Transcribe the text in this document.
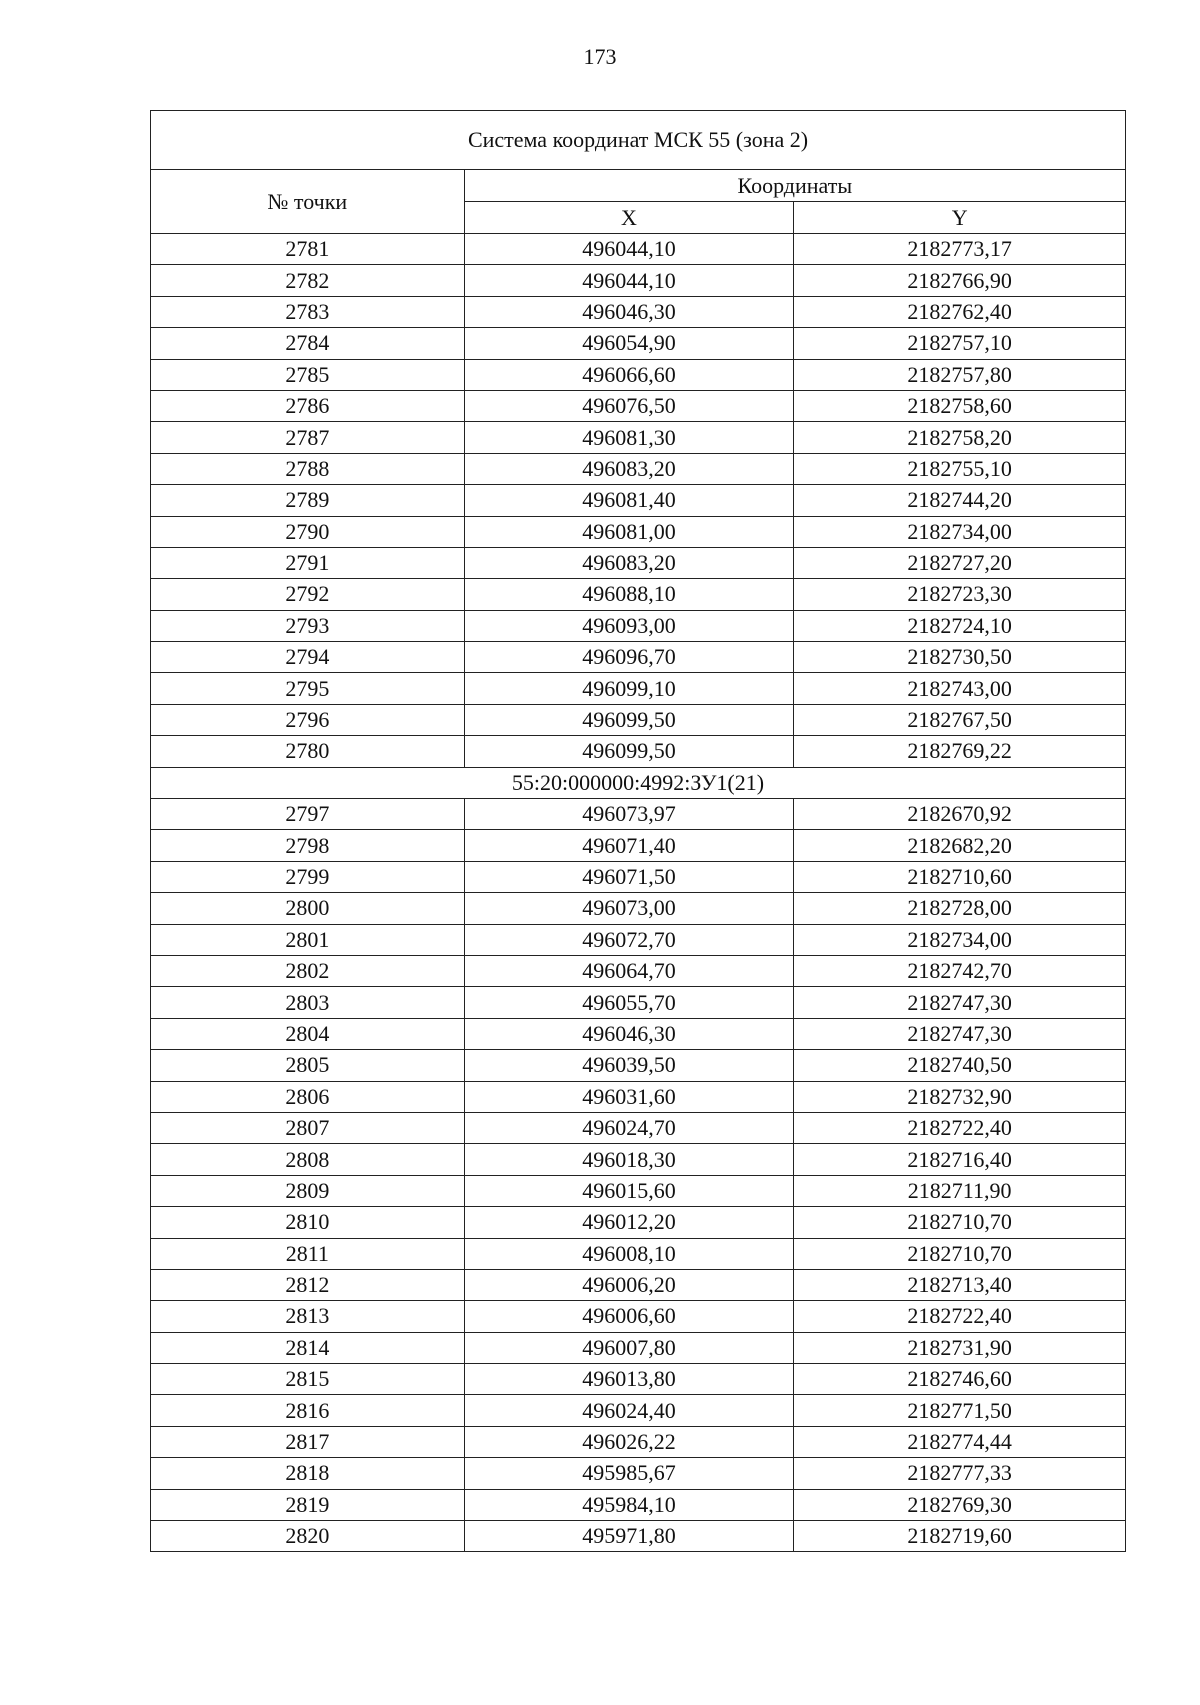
173
Система координат МСК 55 (зона 2)		
№ точки	Координаты	
	X	Y
2781	496044,10	2182773,17
2782	496044,10	2182766,90
2783	496046,30	2182762,40
2784	496054,90	2182757,10
2785	496066,60	2182757,80
2786	496076,50	2182758,60
2787	496081,30	2182758,20
2788	496083,20	2182755,10
2789	496081,40	2182744,20
2790	496081,00	2182734,00
2791	496083,20	2182727,20
2792	496088,10	2182723,30
2793	496093,00	2182724,10
2794	496096,70	2182730,50
2795	496099,10	2182743,00
2796	496099,50	2182767,50
2780	496099,50	2182769,22
55:20:000000:4992:ЗУ1(21)		
2797	496073,97	2182670,92
2798	496071,40	2182682,20
2799	496071,50	2182710,60
2800	496073,00	2182728,00
2801	496072,70	2182734,00
2802	496064,70	2182742,70
2803	496055,70	2182747,30
2804	496046,30	2182747,30
2805	496039,50	2182740,50
2806	496031,60	2182732,90
2807	496024,70	2182722,40
2808	496018,30	2182716,40
2809	496015,60	2182711,90
2810	496012,20	2182710,70
2811	496008,10	2182710,70
2812	496006,20	2182713,40
2813	496006,60	2182722,40
2814	496007,80	2182731,90
2815	496013,80	2182746,60
2816	496024,40	2182771,50
2817	496026,22	2182774,44
2818	495985,67	2182777,33
2819	495984,10	2182769,30
2820	495971,80	2182719,60
